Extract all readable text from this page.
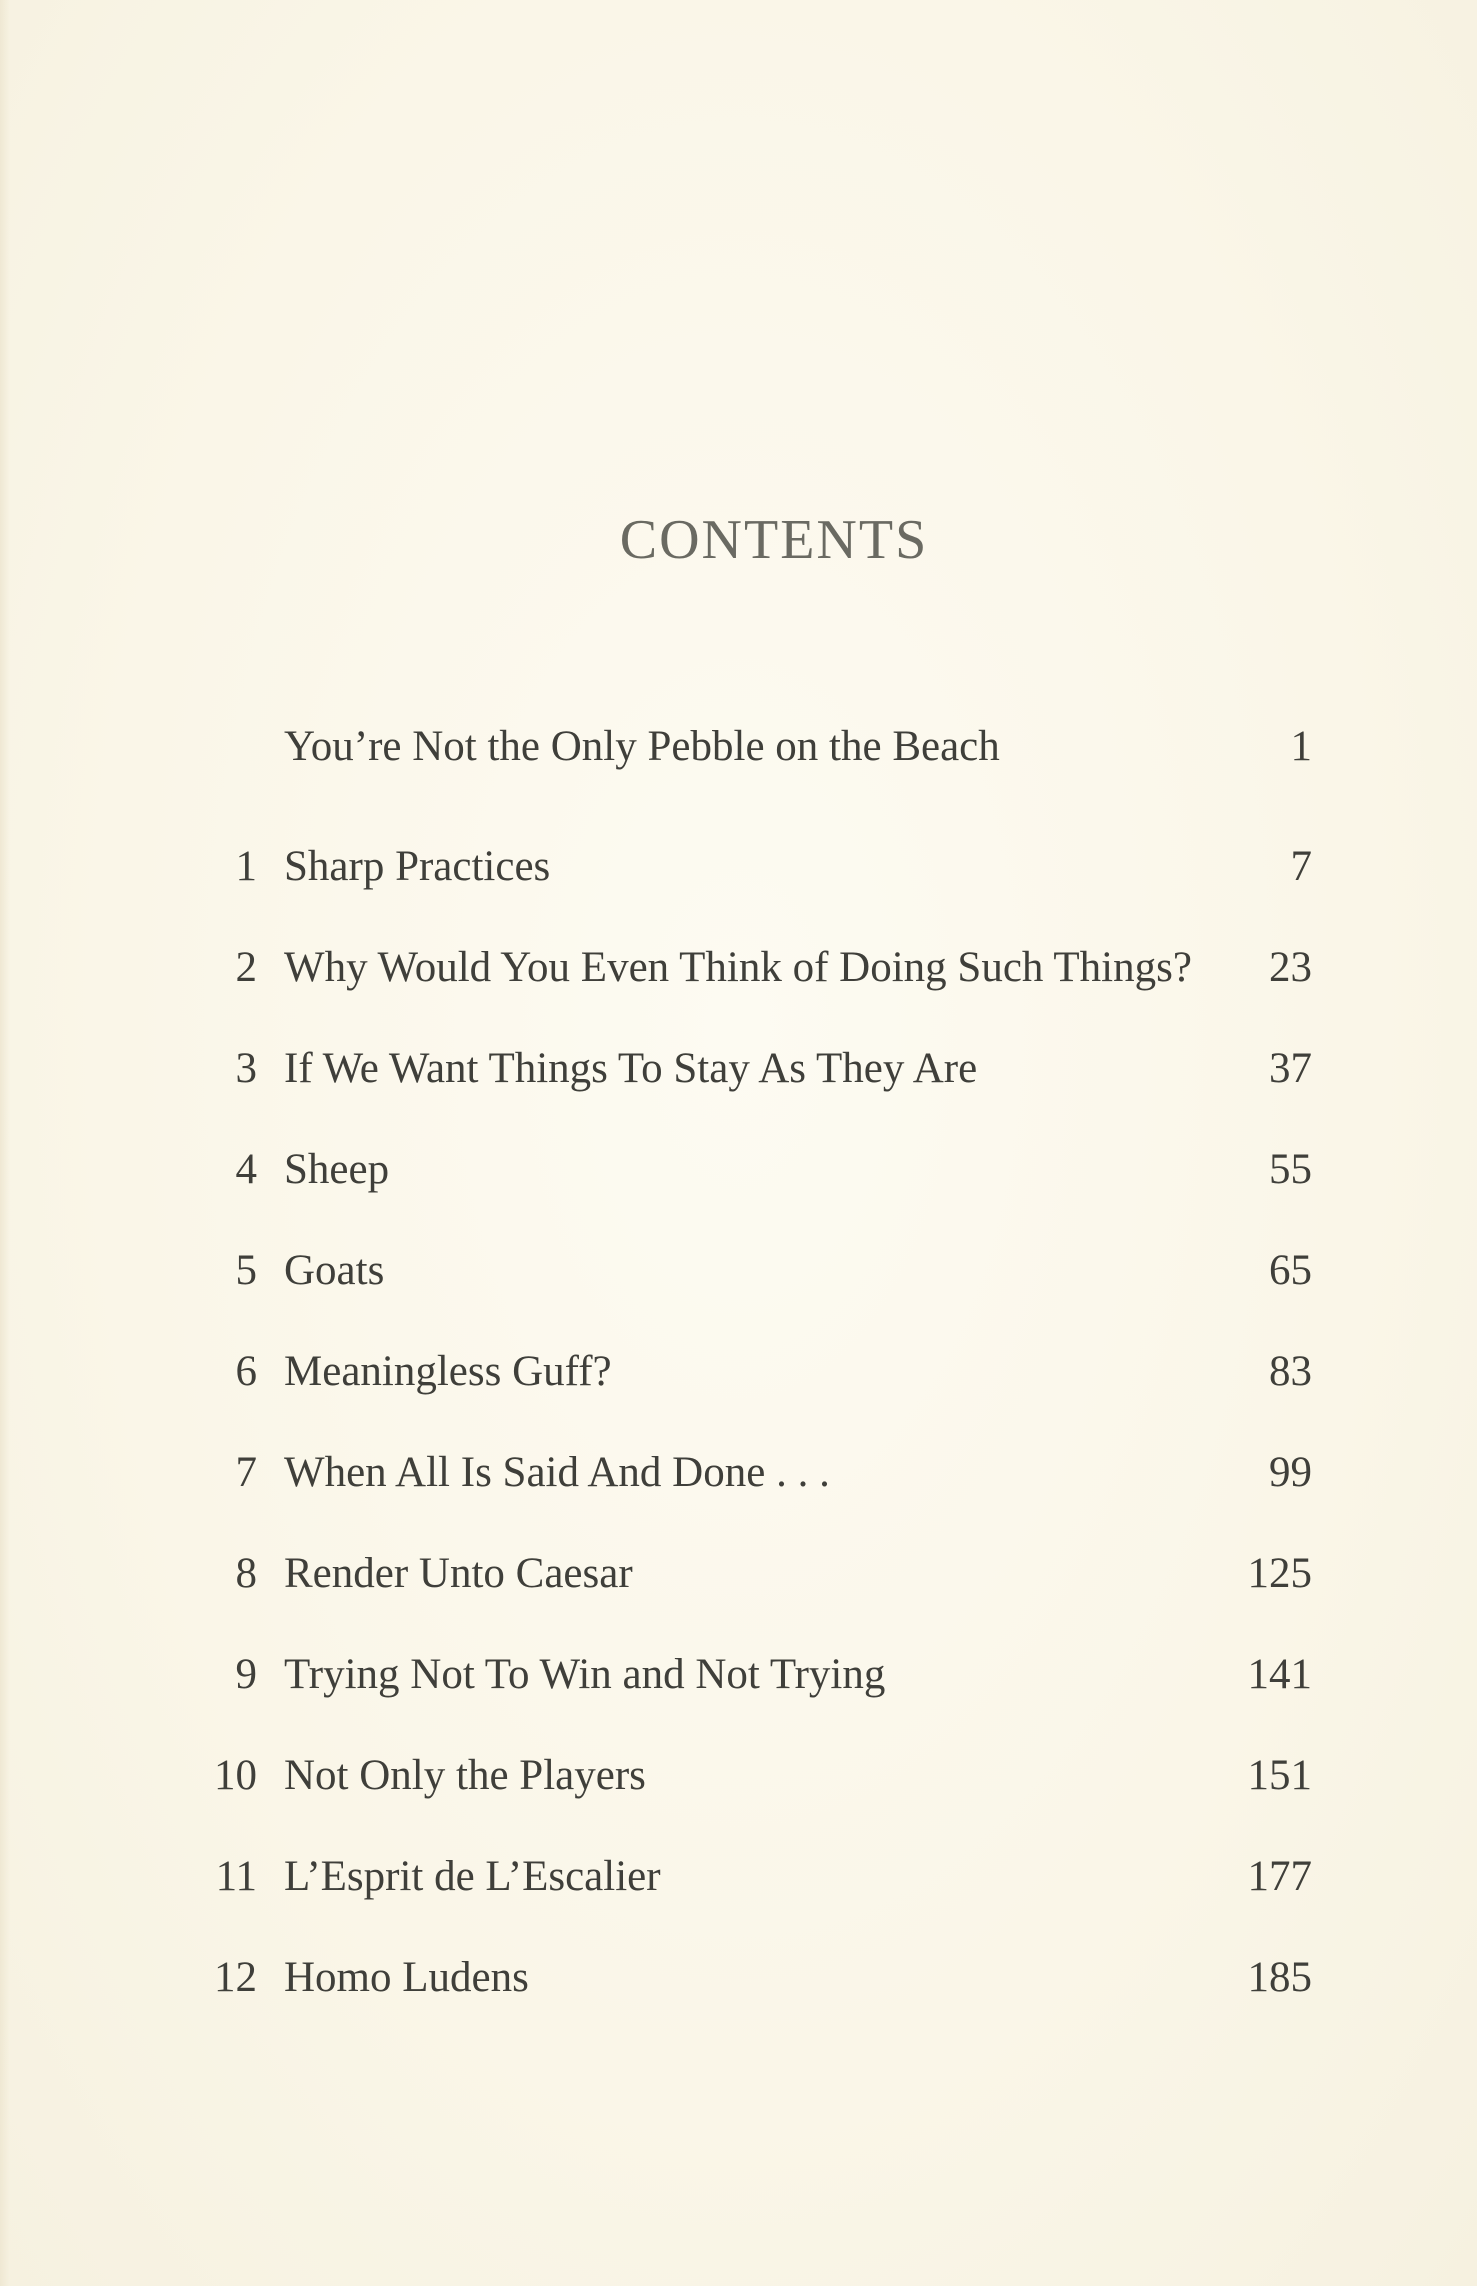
CONTENTS
You’re Not the Only Pebble on the Beach	1
1 Sharp Practices	7
2 Why Would You Even Think of Doing Such Things? 23
3 If We Want Things To Stay As They Are	37
4 Sheep	55
5 Goats	65
6 Meaningless Guff?	83
7 When All Is Said And Done . . .	99
8 Render Unto Caesar	125
9 Trying Not To Win and Not Trying	141
10 Not Only the Players	151
11 L’Esprit de L’Escalier	177
12 Homo Ludens	185
